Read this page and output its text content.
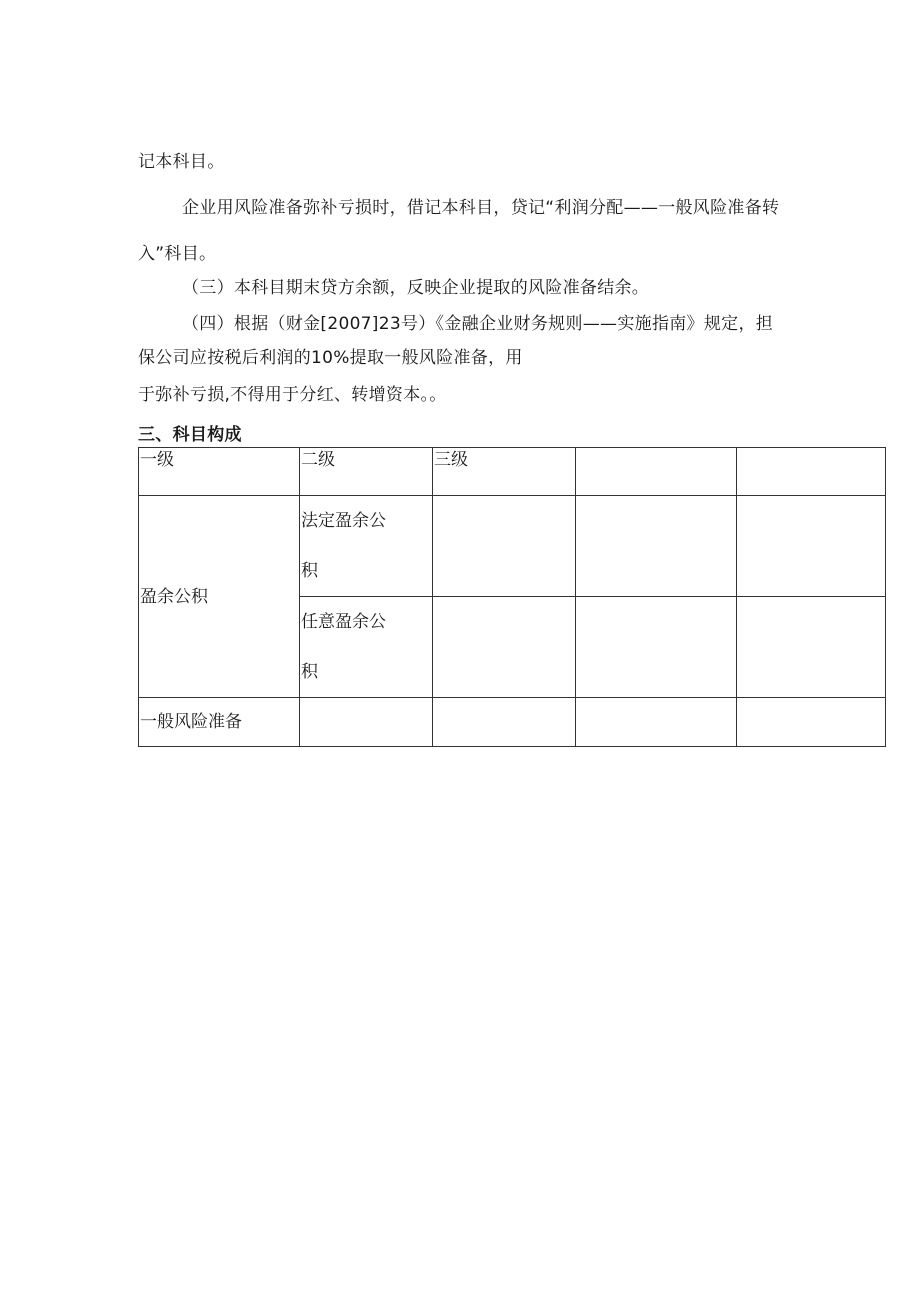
记本科目。
企业用风险准备弥补亏损时，借记本科目，贷记“利润分配——一般风险准备转
入”科目。
（三）本科目期末贷方余额，反映企业提取的风险准备结余。
（四）根据（财金[2007]23号）《金融企业财务规则——实施指南》规定，担
保公司应按税后利润的10%提取一般风险准备，用
于弥补亏损,不得用于分红、转增资本。。
三、科目构成
一级	二级	三级		
盈余公积	法定盈余公
积			

	任意盈余公
积			

一般风险准备				
